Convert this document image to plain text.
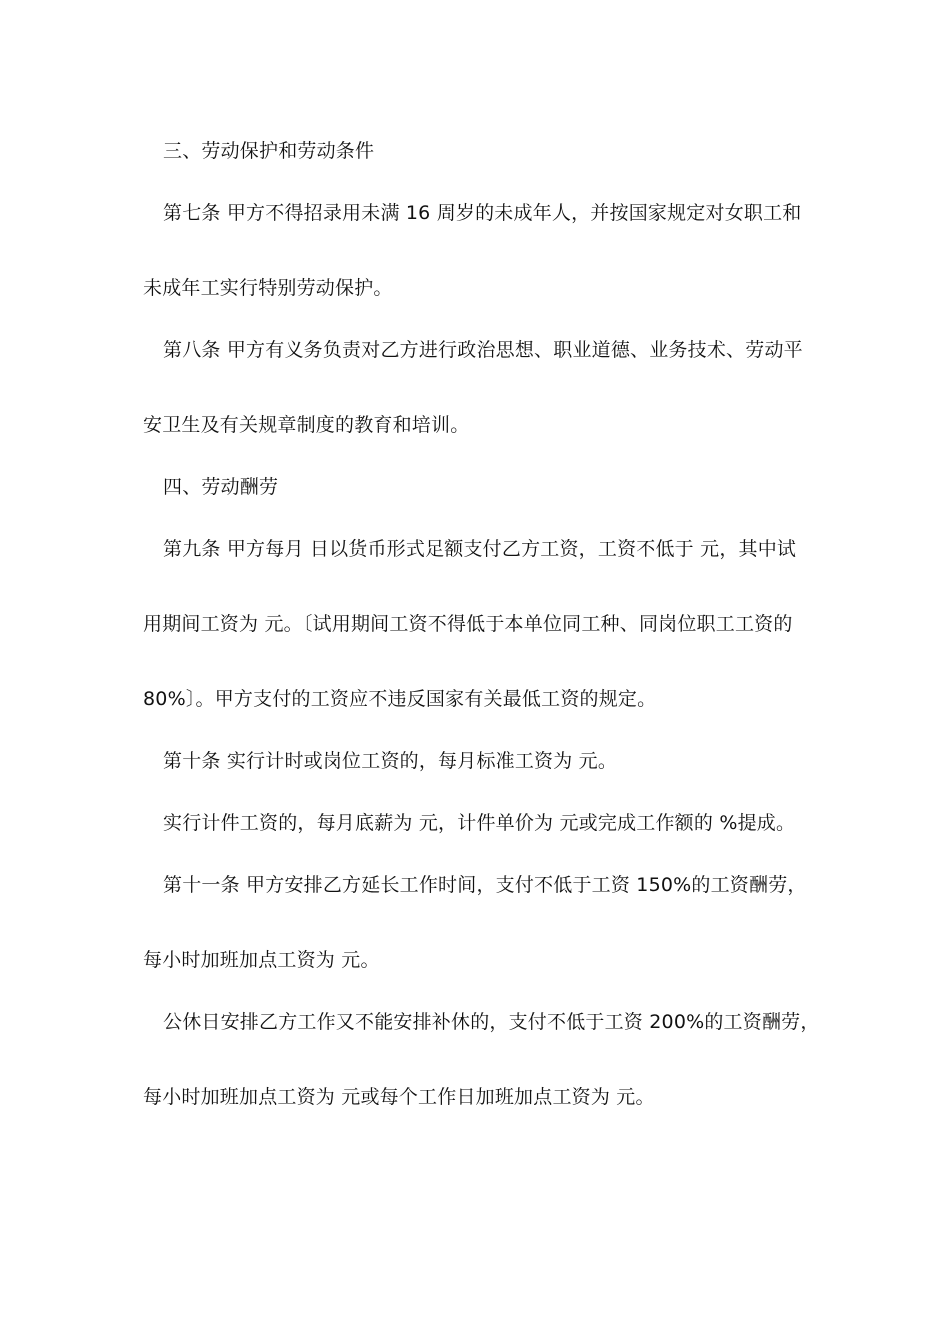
三、劳动保护和劳动条件
第七条 甲方不得招录用未满 16 周岁的未成年人，并按国家规定对女职工和
未成年工实行特别劳动保护。
第八条 甲方有义务负责对乙方进行政治思想、职业道德、业务技术、劳动平
安卫生及有关规章制度的教育和培训。
四、劳动酬劳
第九条 甲方每月 日以货币形式足额支付乙方工资，工资不低于 元，其中试
用期间工资为 元。〔试用期间工资不得低于本单位同工种、同岗位职工工资的
80%〕。甲方支付的工资应不违反国家有关最低工资的规定。
第十条 实行计时或岗位工资的，每月标准工资为 元。
实行计件工资的，每月底薪为 元，计件单价为 元或完成工作额的 %提成。
第十一条 甲方安排乙方延长工作时间，支付不低于工资 150%的工资酬劳，
每小时加班加点工资为 元。
公休日安排乙方工作又不能安排补休的，支付不低于工资 200%的工资酬劳，
每小时加班加点工资为 元或每个工作日加班加点工资为 元。
